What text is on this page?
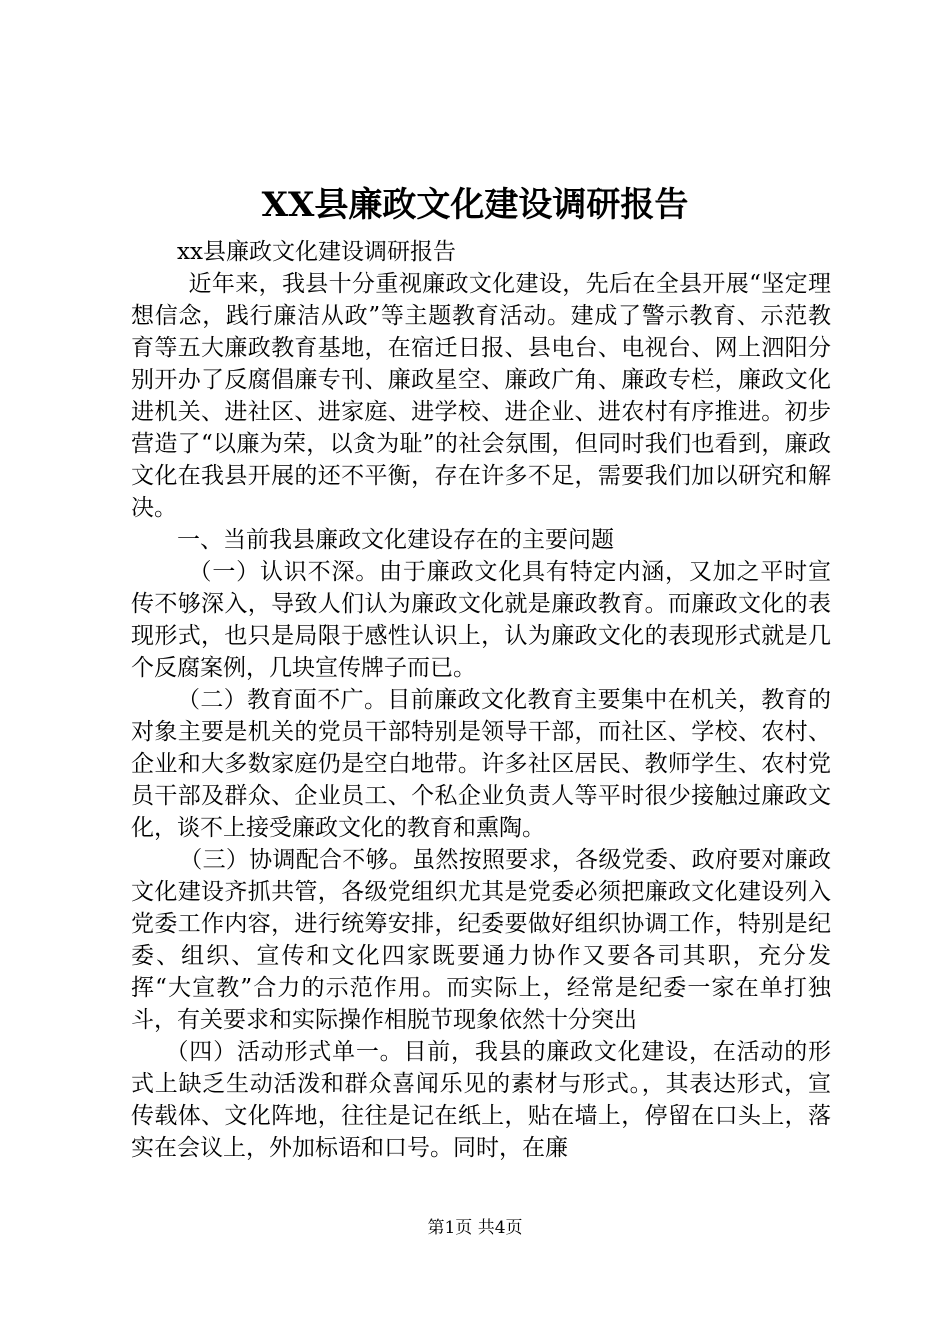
XX县廉政文化建设调研报告

xx县廉政文化建设调研报告

近年来，我县十分重视廉政文化建设，先后在全县开展“坚定理想信念，践行廉洁从政”等主题教育活动。建成了警示教育、示范教育等五大廉政教育基地，在宿迁日报、县电台、电视台、网上泗阳分别开办了反腐倡廉专刊、廉政星空、廉政广角、廉政专栏，廉政文化进机关、进社区、进家庭、进学校、进企业、进农村有序推进。初步营造了“以廉为荣，以贪为耻”的社会氛围，但同时我们也看到，廉政文化在我县开展的还不平衡，存在许多不足，需要我们加以研究和解决。

一、当前我县廉政文化建设存在的主要问题

（一）认识不深。由于廉政文化具有特定内涵，又加之平时宣传不够深入，导致人们认为廉政文化就是廉政教育。而廉政文化的表现形式，也只是局限于感性认识上，认为廉政文化的表现形式就是几个反腐案例，几块宣传牌子而已。

（二）教育面不广。目前廉政文化教育主要集中在机关，教育的对象主要是机关的党员干部特别是领导干部，而社区、学校、农村、企业和大多数家庭仍是空白地带。许多社区居民、教师学生、农村党员干部及群众、企业员工、个私企业负责人等平时很少接触过廉政文化，谈不上接受廉政文化的教育和熏陶。

（三）协调配合不够。虽然按照要求，各级党委、政府要对廉政文化建设齐抓共管，各级党组织尤其是党委必须把廉政文化建设列入党委工作内容，进行统筹安排，纪委要做好组织协调工作，特别是纪委、组织、宣传和文化四家既要通力协作又要各司其职，充分发挥“大宣教”合力的示范作用。而实际上，经常是纪委一家在单打独斗，有关要求和实际操作相脱节现象依然十分突出

（四）活动形式单一。目前，我县的廉政文化建设，在活动的形式上缺乏生动活泼和群众喜闻乐见的素材与形式。，其表达形式，宣传载体、文化阵地，往往是记在纸上，贴在墙上，停留在口头上，落实在会议上，外加标语和口号。同时，在廉

第1页 共4页
